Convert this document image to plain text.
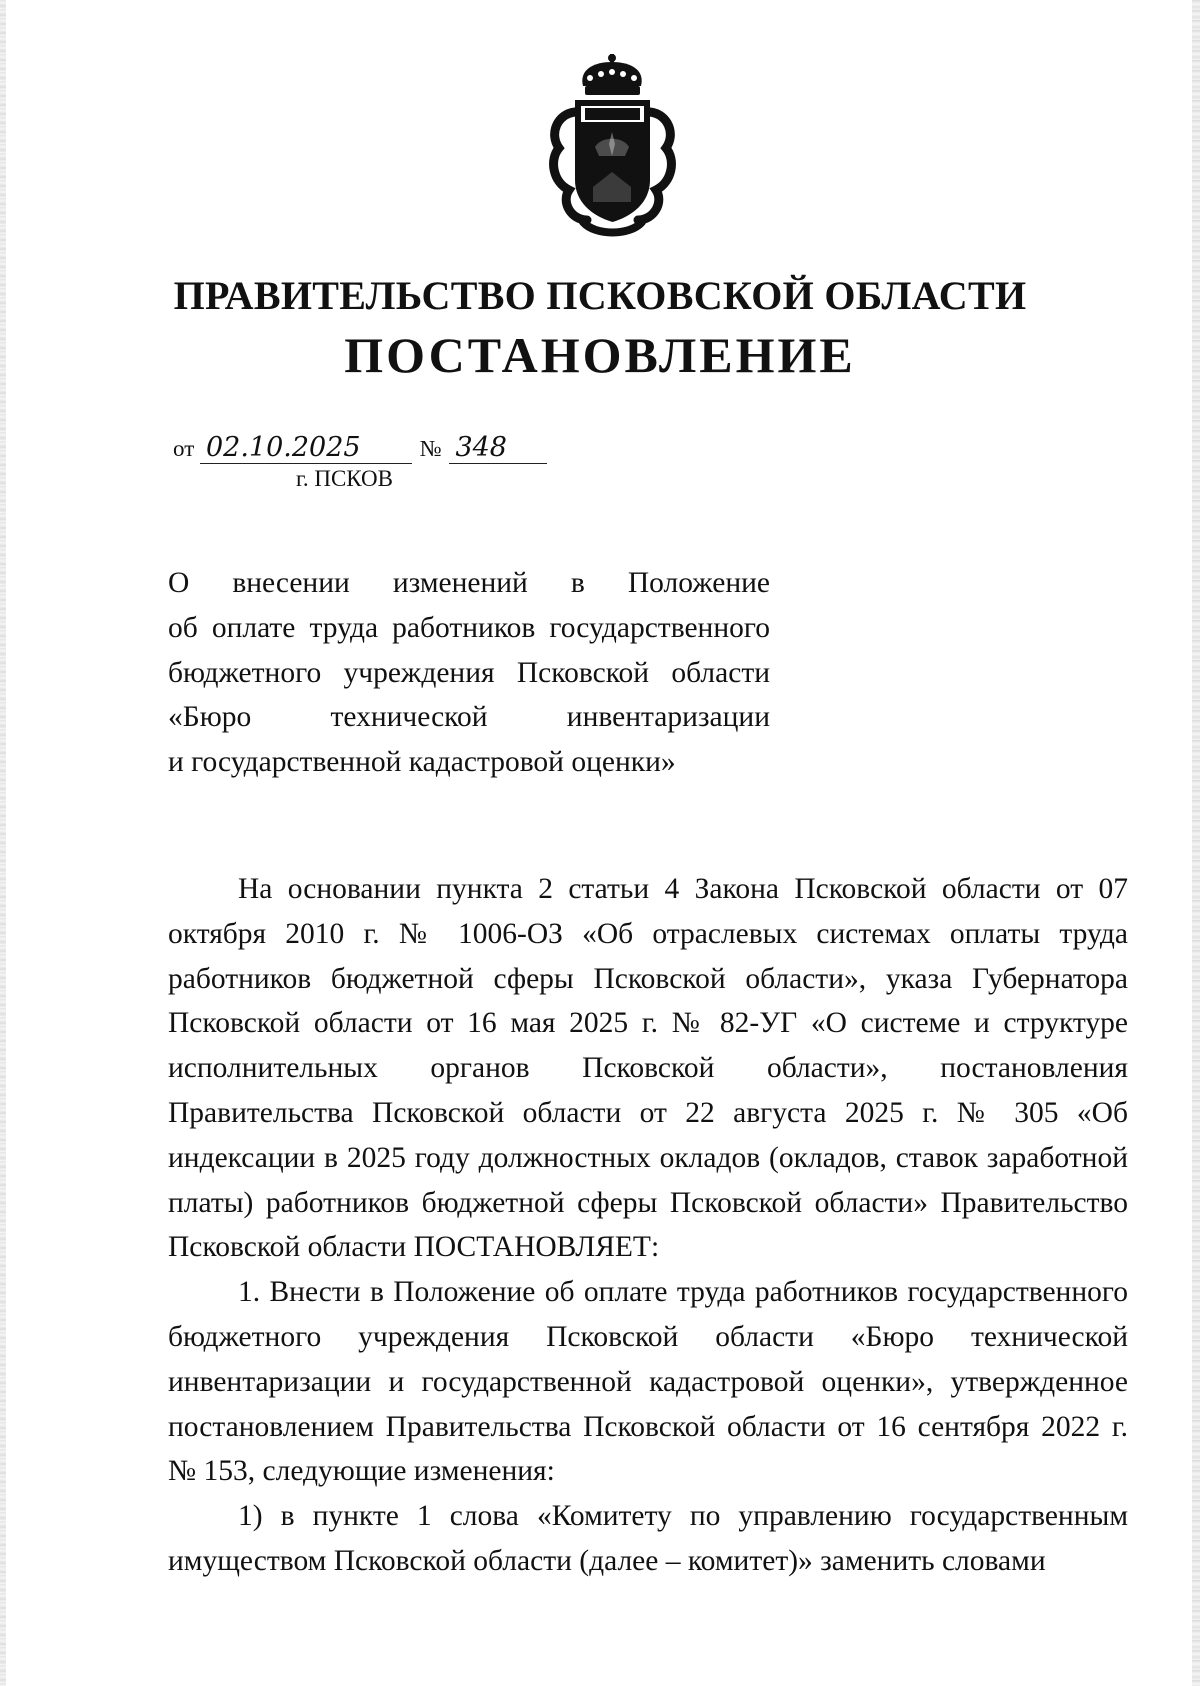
ПРАВИТЕЛЬСТВО ПСКОВСКОЙ ОБЛАСТИ
ПОСТАНОВЛЕНИЕ
от 02.10.2025	№ 348
г. ПСКОВ

О внесении изменений в Положение

об оплате труда работников государственного

бюджетного учреждения Псковской области

«Бюро технической инвентаризации

и государственной кадастровой оценки»

На основании пункта 2 статьи 4 Закона Псковской области от 07 октября 2010 г. № 1006-ОЗ «Об отраслевых системах оплаты труда работников бюджетной сферы Псковской области», указа Губернатора Псковской области от 16 мая 2025 г. № 82-УГ «О системе и структуре исполнительных органов Псковской области», постановления Правительства Псковской области от 22 августа 2025 г. № 305 «Об индексации в 2025 году должностных окладов (окладов, ставок заработной платы) работников бюджетной сферы Псковской области» Правительство Псковской области ПОСТАНОВЛЯЕТ:

1. Внести в Положение об оплате труда работников государственного бюджетного учреждения Псковской области «Бюро технической инвентаризации и государственной кадастровой оценки», утвержденное постановлением Правительства Псковской области от 16 сентября 2022 г. № 153, следующие изменения:

1) в пункте 1 слова «Комитету по управлению государственным имуществом Псковской области (далее – комитет)» заменить словами
